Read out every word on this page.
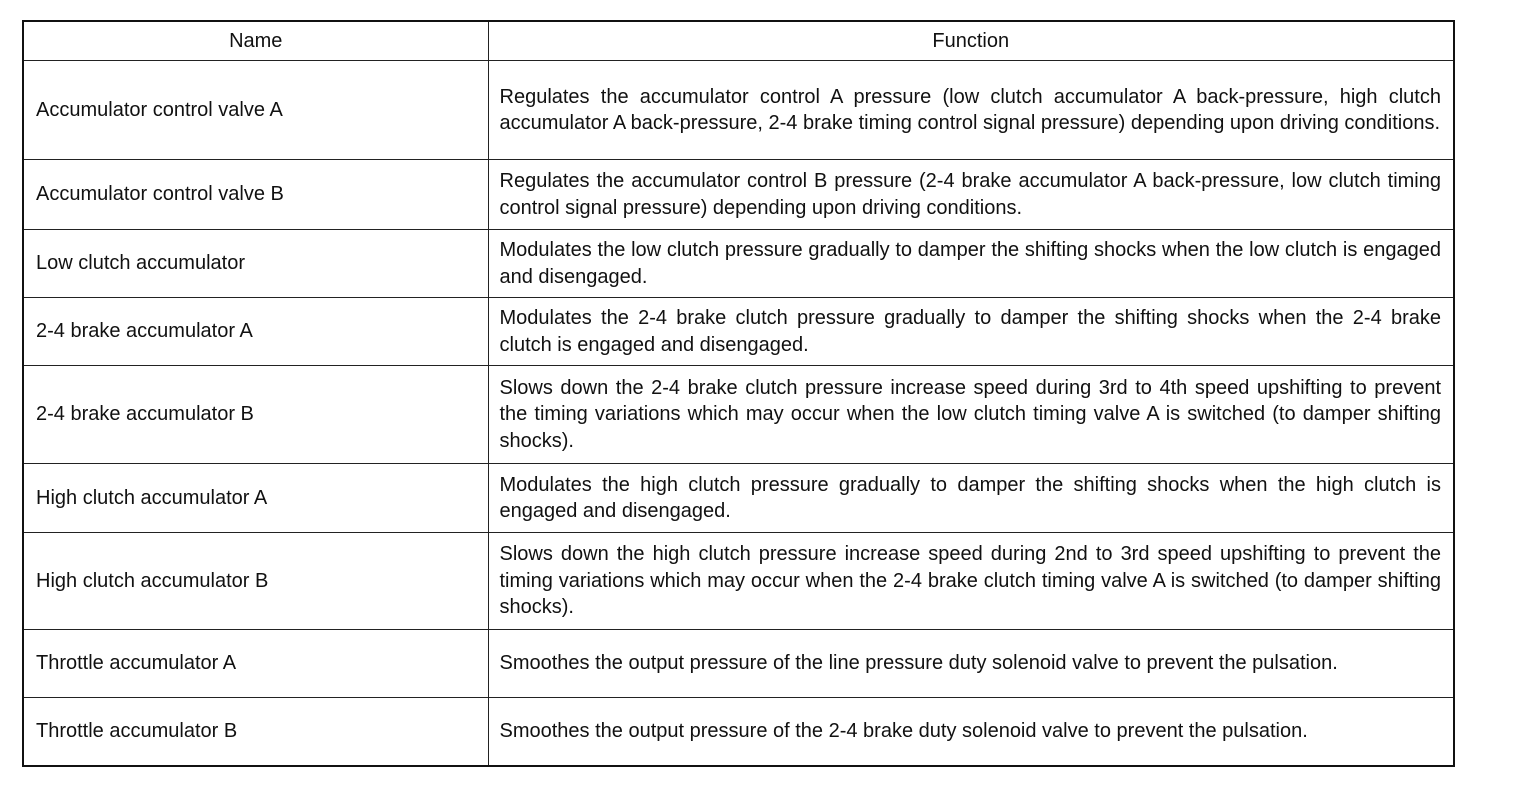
Name	Function
Accumulator control valve A	Regulates the accumulator control A pressure (low clutch accumulator A back-pressure, high clutch accumulator A back-pressure, 2-4 brake timing control signal pressure) depending upon driving conditions.
Accumulator control valve B	Regulates the accumulator control B pressure (2-4 brake accumulator A back-pressure, low clutch timing control signal pressure) depending upon driving conditions.
Low clutch accumulator	Modulates the low clutch pressure gradually to damper the shifting shocks when the low clutch is engaged and disengaged.
2-4 brake accumulator A	Modulates the 2-4 brake clutch pressure gradually to damper the shifting shocks when the 2-4 brake clutch is engaged and disengaged.
2-4 brake accumulator B	Slows down the 2-4 brake clutch pressure increase speed during 3rd to 4th speed upshifting to prevent the timing variations which may occur when the low clutch timing valve A is switched (to damper shifting shocks).
High clutch accumulator A	Modulates the high clutch pressure gradually to damper the shifting shocks when the high clutch is engaged and disengaged.
High clutch accumulator B	Slows down the high clutch pressure increase speed during 2nd to 3rd speed upshifting to prevent the timing variations which may occur when the 2-4 brake clutch timing valve A is switched (to damper shifting shocks).
Throttle accumulator A	Smoothes the output pressure of the line pressure duty solenoid valve to prevent the pulsation.
Throttle accumulator B	Smoothes the output pressure of the 2-4 brake duty solenoid valve to prevent the pulsation.
